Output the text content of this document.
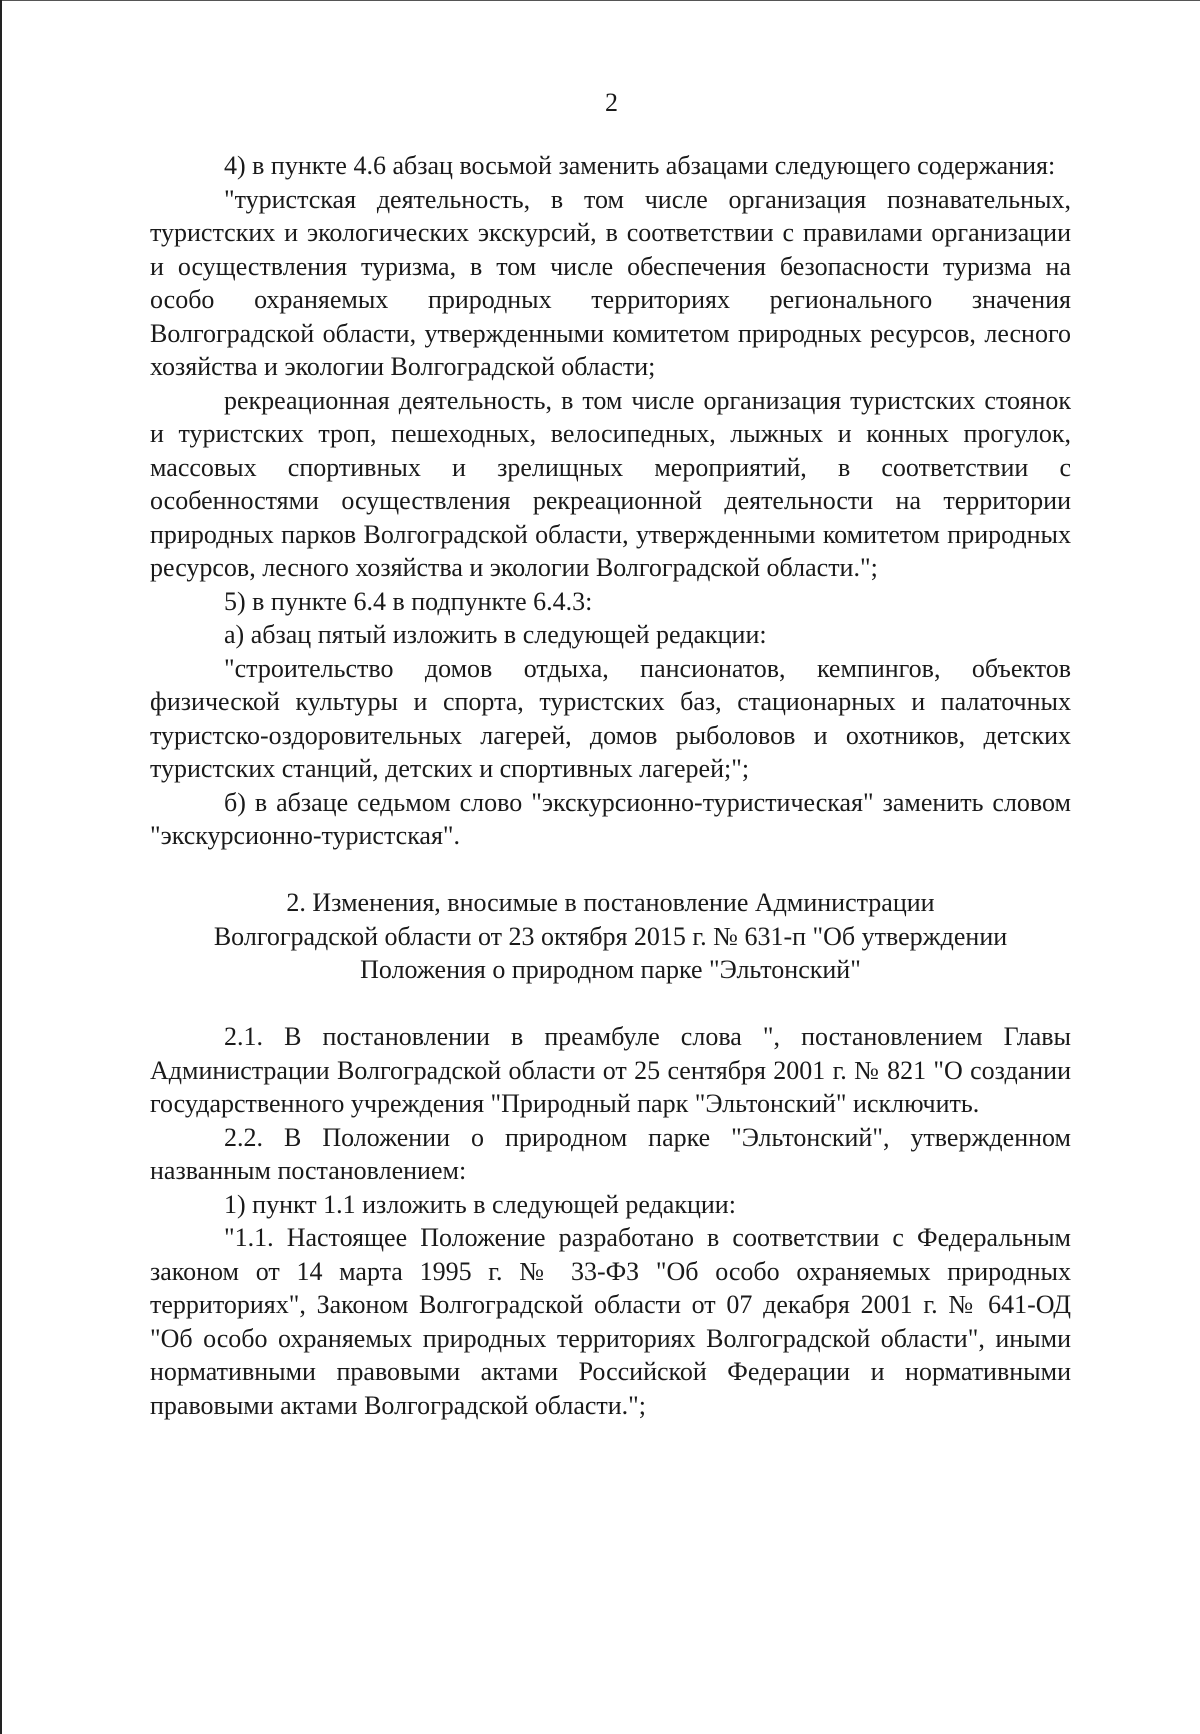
2

4) в пункте 4.6 абзац восьмой заменить абзацами следующего содержания:

"туристская деятельность, в том числе организация познавательных, туристских и экологических экскурсий, в соответствии с правилами организации и осуществления туризма, в том числе обеспечения безопасности туризма на особо охраняемых природных территориях регионального значения Волгоградской области, утвержденными комитетом природных ресурсов, лесного хозяйства и экологии Волгоградской области;

рекреационная деятельность, в том числе организация туристских стоянок и туристских троп, пешеходных, велосипедных, лыжных и конных прогулок, массовых спортивных и зрелищных мероприятий, в соответствии с особенностями осуществления рекреационной деятельности на территории природных парков Волгоградской области, утвержденными комитетом природных ресурсов, лесного хозяйства и экологии Волгоградской области.";

5) в пункте 6.4 в подпункте 6.4.3:

а) абзац пятый изложить в следующей редакции:

"строительство домов отдыха, пансионатов, кемпингов, объектов физической культуры и спорта, туристских баз, стационарных и палаточных туристско-оздоровительных лагерей, домов рыболовов и охотников, детских туристских станций, детских и спортивных лагерей;";

б) в абзаце седьмом слово "экскурсионно-туристическая" заменить словом "экскурсионно-туристская".

2. Изменения, вносимые в постановление Администрации
Волгоградской области от 23 октября 2015 г. № 631-п "Об утверждении
Положения о природном парке "Эльтонский"

2.1. В постановлении в преамбуле слова ", постановлением Главы Администрации Волгоградской области от 25 сентября 2001 г. № 821 "О создании государственного учреждения "Природный парк "Эльтонский" исключить.

2.2. В Положении о природном парке "Эльтонский", утвержденном названным постановлением:

1) пункт 1.1 изложить в следующей редакции:

"1.1. Настоящее Положение разработано в соответствии с Федеральным законом от 14 марта 1995 г. № 33-ФЗ "Об особо охраняемых природных территориях", Законом Волгоградской области от 07 декабря 2001 г. № 641-ОД "Об особо охраняемых природных территориях Волгоградской области", иными нормативными правовыми актами Российской Федерации и нормативными правовыми актами Волгоградской области.";
